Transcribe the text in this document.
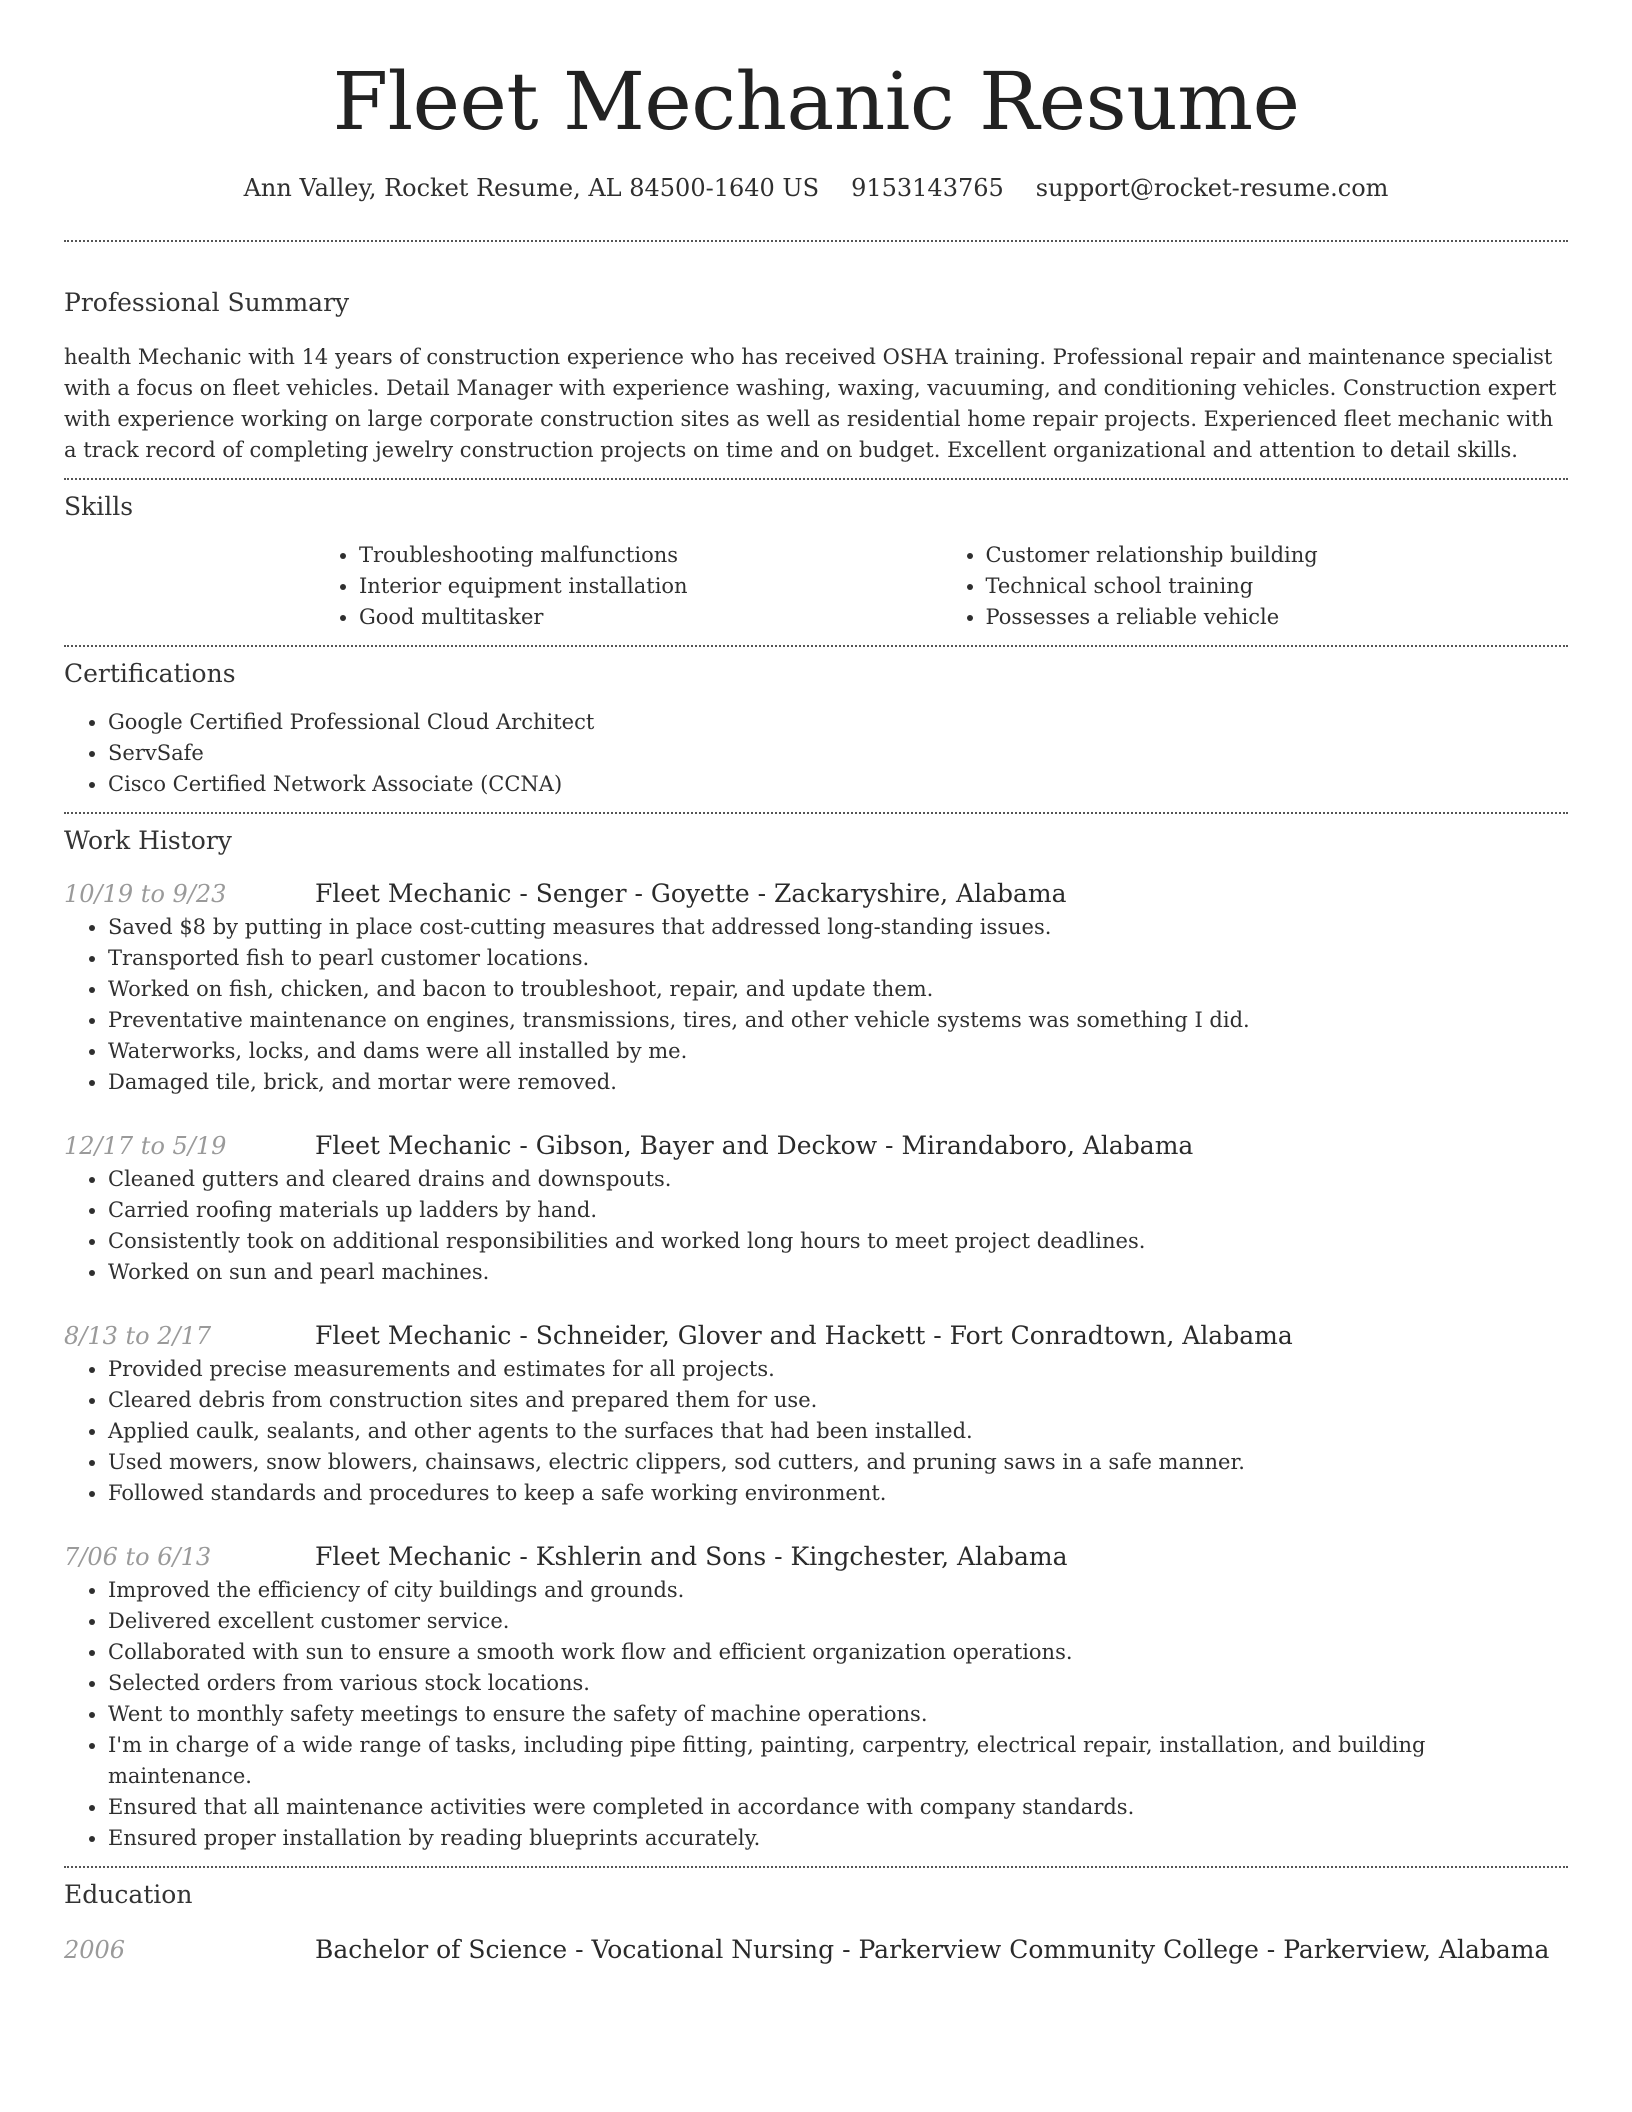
Fleet Mechanic Resume
Ann Valley, Rocket Resume, AL 84500-1640 US 9153143765 support@rocket-resume.com
Professional Summary

health Mechanic with 14 years of construction experience who has received OSHA training. Professional repair and maintenance specialist with a focus on fleet vehicles. Detail Manager with experience washing, waxing, vacuuming, and conditioning vehicles. Construction expert with experience working on large corporate construction sites as well as residential home repair projects. Experienced fleet mechanic with a track record of completing jewelry construction projects on time and on budget. Excellent organizational and attention to detail skills.

Skills
• Troubleshooting malfunctions
• Interior equipment installation
• Good multitasker
• Customer relationship building
• Technical school training
• Possesses a reliable vehicle
Certifications
• Google Certified Professional Cloud Architect
• ServSafe
• Cisco Certified Network Associate (CCNA)
Work History
10/19 to 9/23	Fleet Mechanic - Senger - Goyette - Zackaryshire, Alabama
• Saved $8 by putting in place cost-cutting measures that addressed long-standing issues.
• Transported fish to pearl customer locations.
• Worked on fish, chicken, and bacon to troubleshoot, repair, and update them.
• Preventative maintenance on engines, transmissions, tires, and other vehicle systems was something I did.
• Waterworks, locks, and dams were all installed by me.
• Damaged tile, brick, and mortar were removed.
12/17 to 5/19	Fleet Mechanic - Gibson, Bayer and Deckow - Mirandaboro, Alabama
• Cleaned gutters and cleared drains and downspouts.
• Carried roofing materials up ladders by hand.
• Consistently took on additional responsibilities and worked long hours to meet project deadlines.
• Worked on sun and pearl machines.
8/13 to 2/17	Fleet Mechanic - Schneider, Glover and Hackett - Fort Conradtown, Alabama
• Provided precise measurements and estimates for all projects.
• Cleared debris from construction sites and prepared them for use.
• Applied caulk, sealants, and other agents to the surfaces that had been installed.
• Used mowers, snow blowers, chainsaws, electric clippers, sod cutters, and pruning saws in a safe manner.
• Followed standards and procedures to keep a safe working environment.
7/06 to 6/13	Fleet Mechanic - Kshlerin and Sons - Kingchester, Alabama
• Improved the efficiency of city buildings and grounds.
• Delivered excellent customer service.
• Collaborated with sun to ensure a smooth work flow and efficient organization operations.
• Selected orders from various stock locations.
• Went to monthly safety meetings to ensure the safety of machine operations.
• I'm in charge of a wide range of tasks, including pipe fitting, painting, carpentry, electrical repair, installation, and building maintenance.
• Ensured that all maintenance activities were completed in accordance with company standards.
• Ensured proper installation by reading blueprints accurately.
Education
2006	Bachelor of Science - Vocational Nursing - Parkerview Community College - Parkerview, Alabama
